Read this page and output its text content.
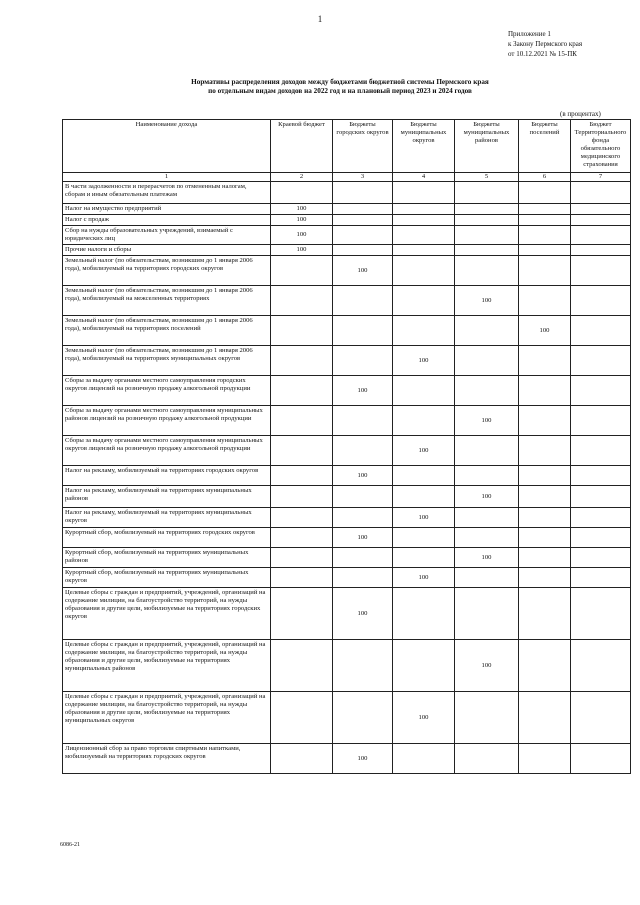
1
Приложение 1
к Закону Пермского края
от 10.12.2021 № 15-ПК
Нормативы распределения доходов между бюджетами бюджетной системы Пермского края
по отдельным видам доходов на 2022 год и на плановый период 2023 и 2024 годов
(в процентах)
Наименование дохода	Краевой бюджет	Бюджеты городских округов	Бюджеты муниципальных округов	Бюджеты муниципальных районов	Бюджеты поселений	Бюджет Территориального фонда обязательного медицинского страхования
1	2	3	4	5	6	7
В части задолженности и перерасчетов по отмененным налогам, сборам и иным обязательным платежам						
Налог на имущество предприятий	100					
Налог с продаж	100					
Сбор на нужды образовательных учреждений, взимаемый с юридических лиц	100					
Прочие налоги и сборы	100					
Земельный налог (по обязательствам, возникшим до 1 января 2006 года), мобилизуемый на территориях городских округов		100				
Земельный налог (по обязательствам, возникшим до 1 января 2006 года), мобилизуемый на межселенных территориях				100		
Земельный налог (по обязательствам, возникшим до 1 января 2006 года), мобилизуемый на территориях поселений					100	
Земельный налог (по обязательствам, возникшим до 1 января 2006 года), мобилизуемый на территориях муниципальных округов			100			
Сборы за выдачу органами местного самоуправления городских округов лицензий на розничную продажу алкогольной продукции		100				
Сборы за выдачу органами местного самоуправления муниципальных районов лицензий на розничную продажу алкогольной продукции				100		
Сборы за выдачу органами местного самоуправления муниципальных округов лицензий на розничную продажу алкогольной продукции			100			
Налог на рекламу, мобилизуемый на территориях городских округов		100				
Налог на рекламу, мобилизуемый на территориях муниципальных районов				100		
Налог на рекламу, мобилизуемый на территориях муниципальных округов			100			
Курортный сбор, мобилизуемый на территориях городских округов		100				
Курортный сбор, мобилизуемый на территориях муниципальных районов				100		
Курортный сбор, мобилизуемый на территориях муниципальных округов			100			
Целевые сборы с граждан и предприятий, учреждений, организаций на содержание милиции, на благоустройство территорий, на нужды образования и другие цели, мобилизуемые на территориях городских округов		100				
Целевые сборы с граждан и предприятий, учреждений, организаций на содержание милиции, на благоустройство территорий, на нужды образования и другие цели, мобилизуемые на территориях муниципальных районов				100		
Целевые сборы с граждан и предприятий, учреждений, организаций на содержание милиции, на благоустройство территорий, на нужды образования и другие цели, мобилизуемые на территориях муниципальных округов			100			
Лицензионный сбор за право торговли спиртными напитками, мобилизуемый на территориях городских округов		100				
6086-21
